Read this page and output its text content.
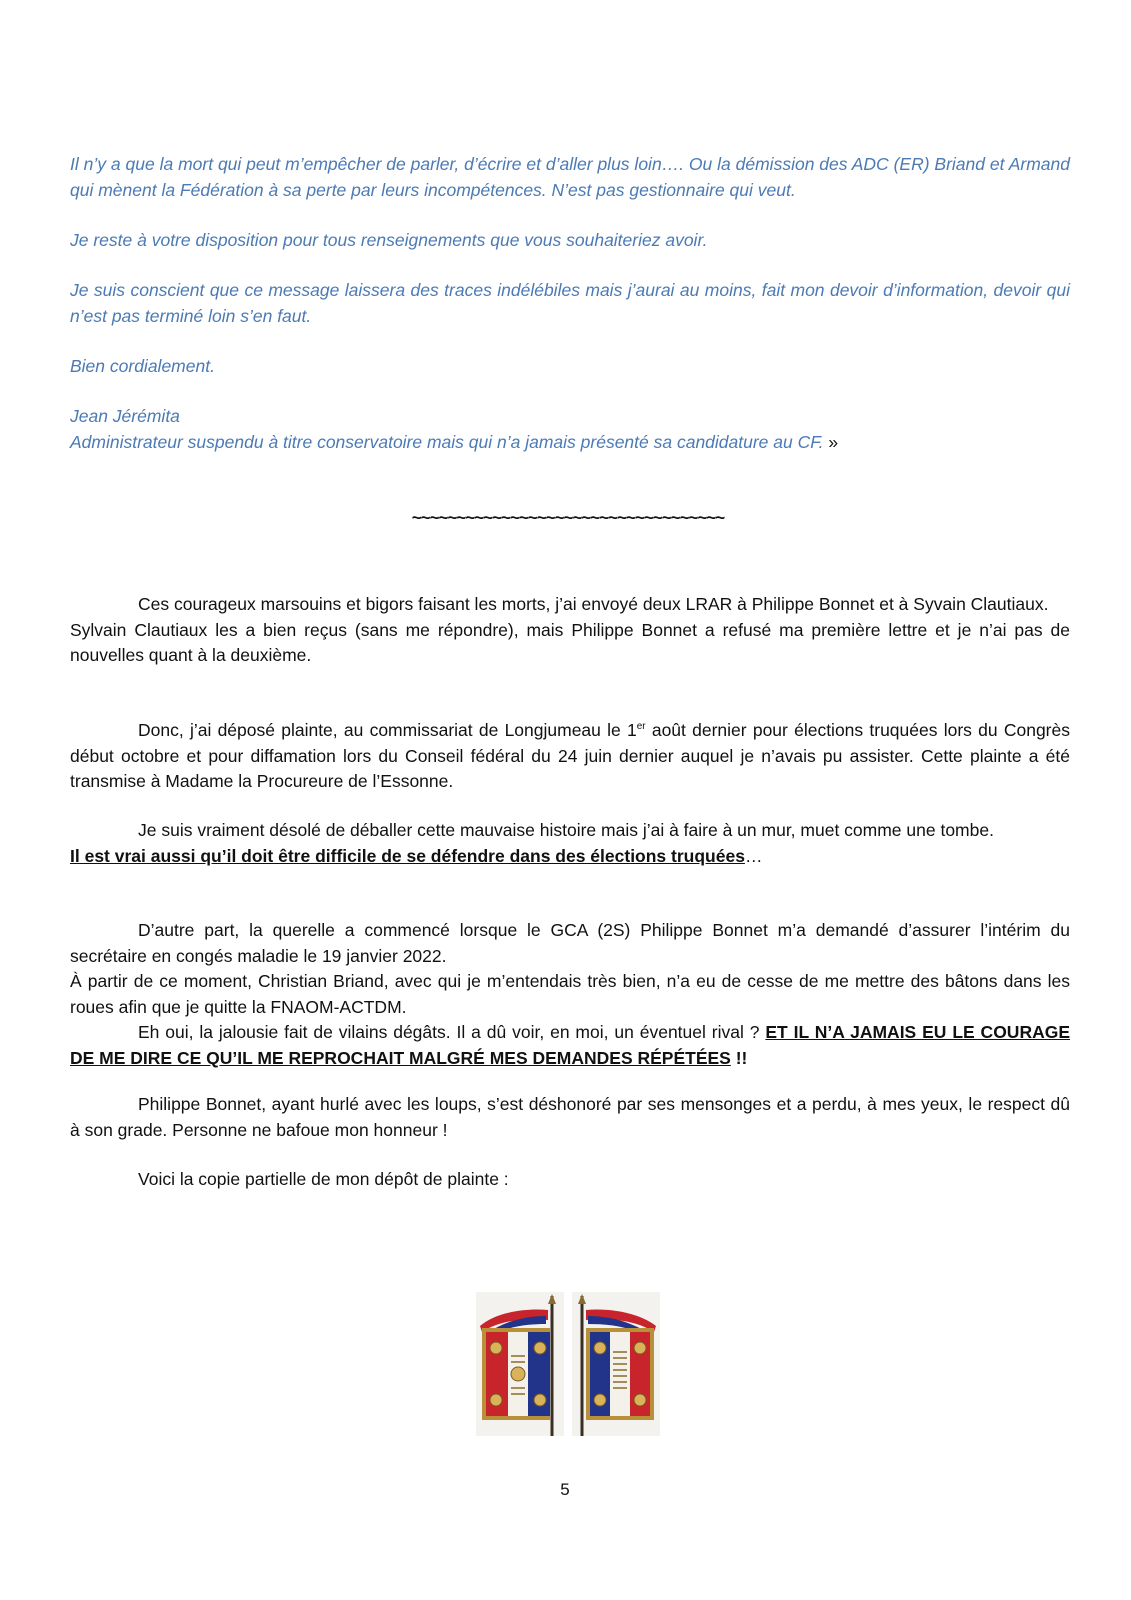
Il n’y a que la mort qui peut m’empêcher de parler, d’écrire et d’aller plus loin…. Ou la démission des ADC (ER) Briand et Armand qui mènent la Fédération à sa perte par leurs incompétences. N’est pas gestionnaire qui veut.
Je reste à votre disposition pour tous renseignements que vous souhaiteriez avoir.
Je suis conscient que ce message laissera des traces indélébiles mais j’aurai au moins, fait mon devoir d’information, devoir qui n’est pas terminé loin s’en faut.
Bien cordialement.
Jean Jérémita
Administrateur suspendu à titre conservatoire mais qui n’a jamais présenté sa candidature au CF. »
~~~~~~~~~~~~~~~~~~~~~~~~~~~~~~~~~~~

Ces courageux marsouins et bigors faisant les morts, j’ai envoyé deux LRAR à Philippe Bonnet et à Syvain Clautiaux.

Sylvain Clautiaux les a bien reçus (sans me répondre), mais Philippe Bonnet a refusé ma première lettre et je n’ai pas de nouvelles quant à la deuxième.

Donc, j’ai déposé plainte, au commissariat de Longjumeau le 1er août dernier pour élections truquées lors du Congrès début octobre et pour diffamation lors du Conseil fédéral du 24 juin dernier auquel je n’avais pu assister. Cette plainte a été transmise à Madame la Procureure de l’Essonne.

Je suis vraiment désolé de déballer cette mauvaise histoire mais j’ai à faire à un mur, muet comme une tombe.

Il est vrai aussi qu’il doit être difficile de se défendre dans des élections truquées…

D’autre part, la querelle a commencé lorsque le GCA (2S) Philippe Bonnet m’a demandé d’assurer l’intérim du secrétaire en congés maladie le 19 janvier 2022.

À partir de ce moment, Christian Briand, avec qui je m’entendais très bien, n’a eu de cesse de me mettre des bâtons dans les roues afin que je quitte la FNAOM-ACTDM.

Eh oui, la jalousie fait de vilains dégâts. Il a dû voir, en moi, un éventuel rival ? ET IL N’A JAMAIS EU LE COURAGE DE ME DIRE CE QU’IL ME REPROCHAIT MALGRÉ MES DEMANDES RÉPÉTÉES !!

Philippe Bonnet, ayant hurlé avec les loups, s’est déshonoré par ses mensonges et a perdu, à mes yeux, le respect dû à son grade. Personne ne bafoue mon honneur !
Voici la copie partielle de mon dépôt de plainte :
5
